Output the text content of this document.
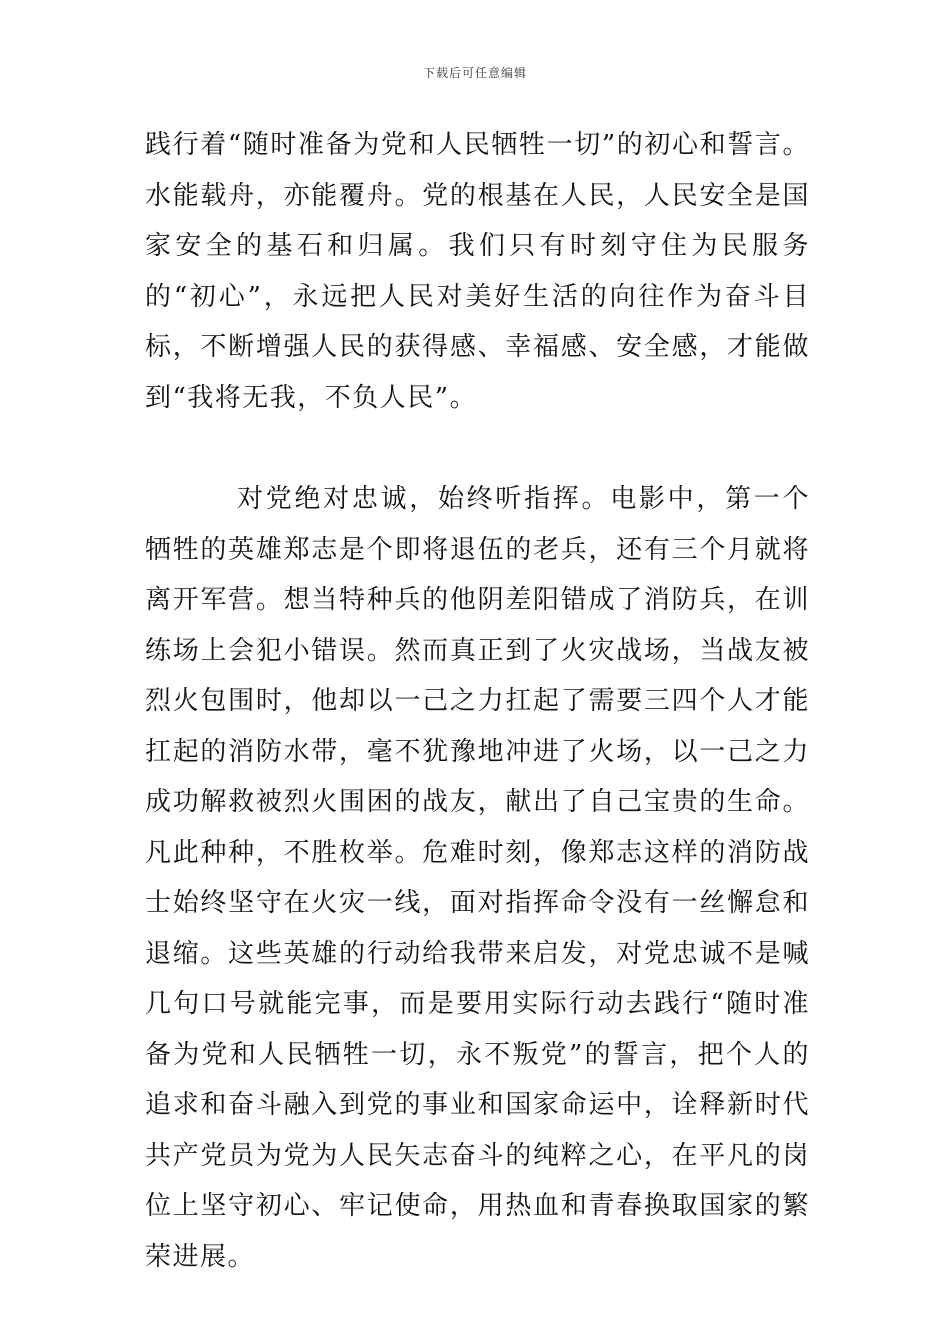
下载后可任意编辑

践行着“随时准备为党和人民牺牲一切”的初心和誓言。水能载舟，亦能覆舟。党的根基在人民，人民安全是国家安全的基石和归属。我们只有时刻守住为民服务的“初心”，永远把人民对美好生活的向往作为奋斗目标，不断增强人民的获得感、幸福感、安全感，才能做到“我将无我，不负人民”。

对党绝对忠诚，始终听指挥。电影中，第一个牺牲的英雄郑志是个即将退伍的老兵，还有三个月就将离开军营。想当特种兵的他阴差阳错成了消防兵，在训练场上会犯小错误。然而真正到了火灾战场，当战友被烈火包围时，他却以一己之力扛起了需要三四个人才能扛起的消防水带，毫不犹豫地冲进了火场，以一己之力成功解救被烈火围困的战友，献出了自己宝贵的生命。凡此种种，不胜枚举。危难时刻，像郑志这样的消防战士始终坚守在火灾一线，面对指挥命令没有一丝懈怠和退缩。这些英雄的行动给我带来启发，对党忠诚不是喊几句口号就能完事，而是要用实际行动去践行“随时准备为党和人民牺牲一切，永不叛党”的誓言，把个人的追求和奋斗融入到党的事业和国家命运中，诠释新时代共产党员为党为人民矢志奋斗的纯粹之心，在平凡的岗位上坚守初心、牢记使命，用热血和青春换取国家的繁荣进展。
